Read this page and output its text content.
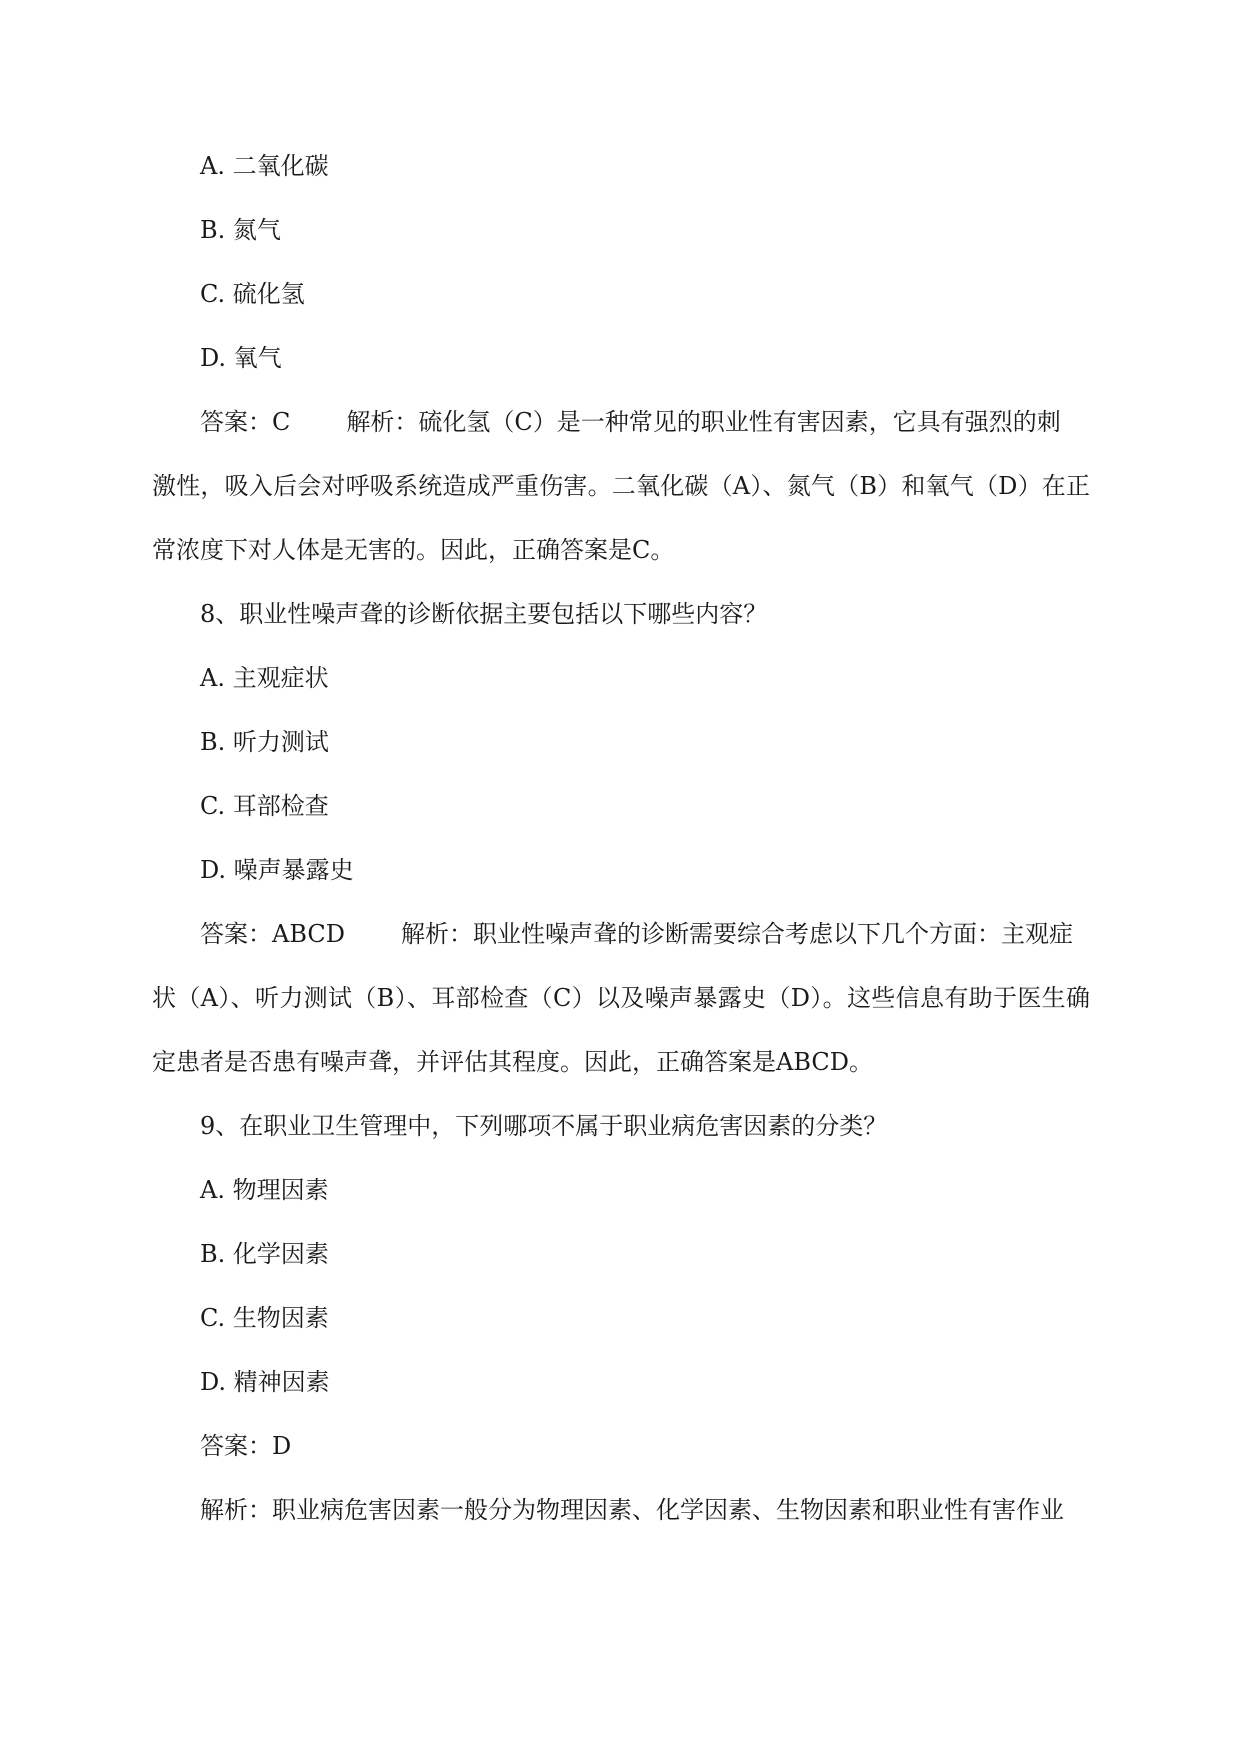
A. 二氧化碳

B. 氮气

C. 硫化氢

D. 氧气

答案：C 解析：硫化氢（C）是一种常见的职业性有害因素，它具有强烈的刺

激性，吸入后会对呼吸系统造成严重伤害。二氧化碳（A）、氮气（B）和氧气（D）在正

常浓度下对人体是无害的。因此，正确答案是C。

8、职业性噪声聋的诊断依据主要包括以下哪些内容？

A. 主观症状

B. 听力测试

C. 耳部检查

D. 噪声暴露史

答案：ABCD 解析：职业性噪声聋的诊断需要综合考虑以下几个方面：主观症

状（A）、听力测试（B）、耳部检查（C）以及噪声暴露史（D）。这些信息有助于医生确

定患者是否患有噪声聋，并评估其程度。因此，正确答案是ABCD。

9、在职业卫生管理中，下列哪项不属于职业病危害因素的分类？

A. 物理因素

B. 化学因素

C. 生物因素

D. 精神因素

答案：D

解析：职业病危害因素一般分为物理因素、化学因素、生物因素和职业性有害作业
